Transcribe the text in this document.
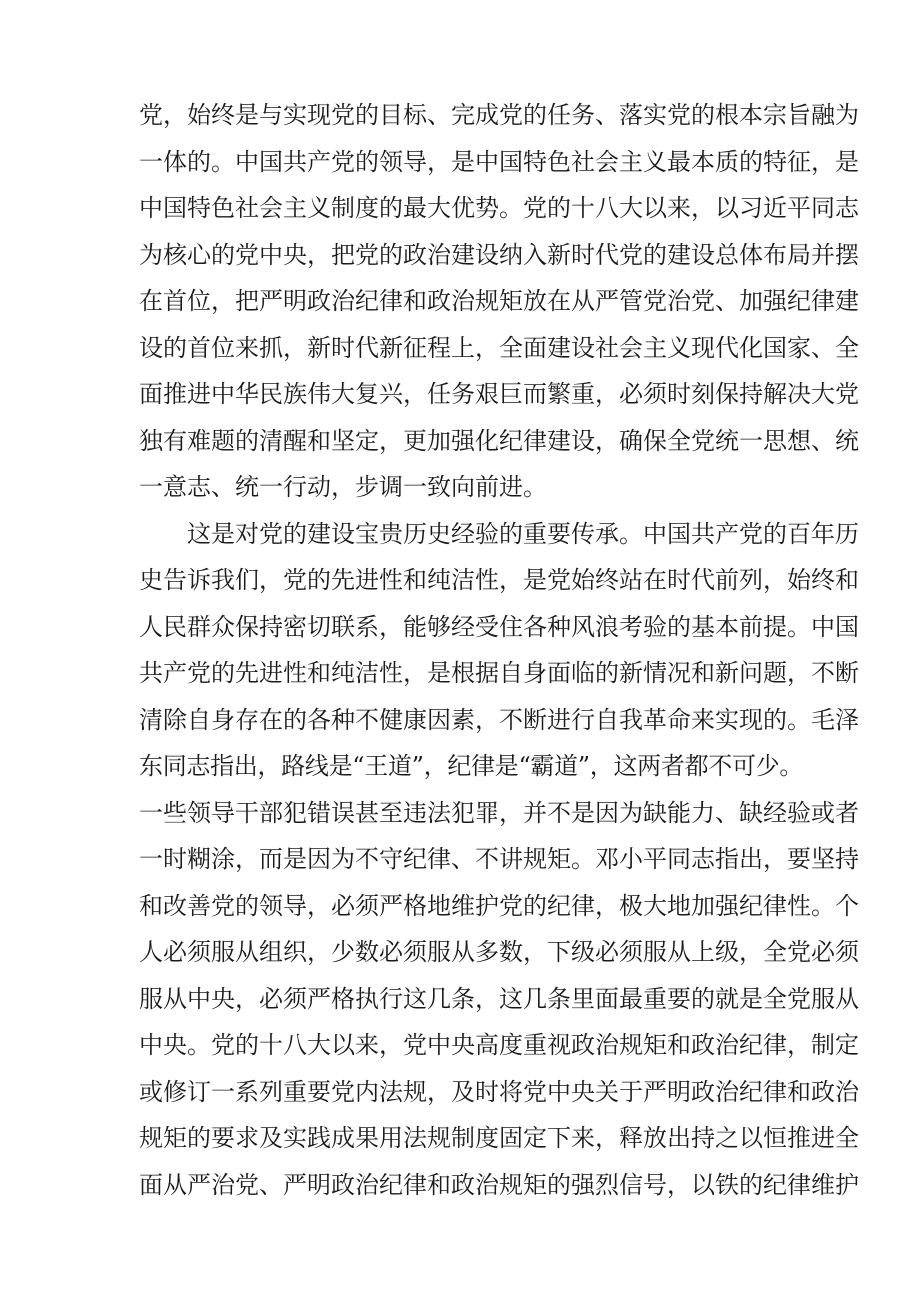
党，始终是与实现党的目标、完成党的任务、落实党的根本宗旨融为
一体的。中国共产党的领导，是中国特色社会主义最本质的特征，是
中国特色社会主义制度的最大优势。党的十八大以来，以习近平同志
为核心的党中央，把党的政治建设纳入新时代党的建设总体布局并摆
在首位，把严明政治纪律和政治规矩放在从严管党治党、加强纪律建
设的首位来抓，新时代新征程上，全面建设社会主义现代化国家、全
面推进中华民族伟大复兴，任务艰巨而繁重，必须时刻保持解决大党
独有难题的清醒和坚定，更加强化纪律建设，确保全党统一思想、统
一意志、统一行动，步调一致向前进。
这是对党的建设宝贵历史经验的重要传承。中国共产党的百年历
史告诉我们，党的先进性和纯洁性，是党始终站在时代前列，始终和
人民群众保持密切联系，能够经受住各种风浪考验的基本前提。中国
共产党的先进性和纯洁性，是根据自身面临的新情况和新问题，不断
清除自身存在的各种不健康因素，不断进行自我革命来实现的。毛泽
东同志指出，路线是“王道”，纪律是“霸道”，这两者都不可少。
一些领导干部犯错误甚至违法犯罪，并不是因为缺能力、缺经验或者
一时糊涂，而是因为不守纪律、不讲规矩。邓小平同志指出，要坚持
和改善党的领导，必须严格地维护党的纪律，极大地加强纪律性。个
人必须服从组织，少数必须服从多数，下级必须服从上级，全党必须
服从中央，必须严格执行这几条，这几条里面最重要的就是全党服从
中央。党的十八大以来，党中央高度重视政治规矩和政治纪律，制定
或修订一系列重要党内法规，及时将党中央关于严明政治纪律和政治
规矩的要求及实践成果用法规制度固定下来，释放出持之以恒推进全
面从严治党、严明政治纪律和政治规矩的强烈信号，以铁的纪律维护
